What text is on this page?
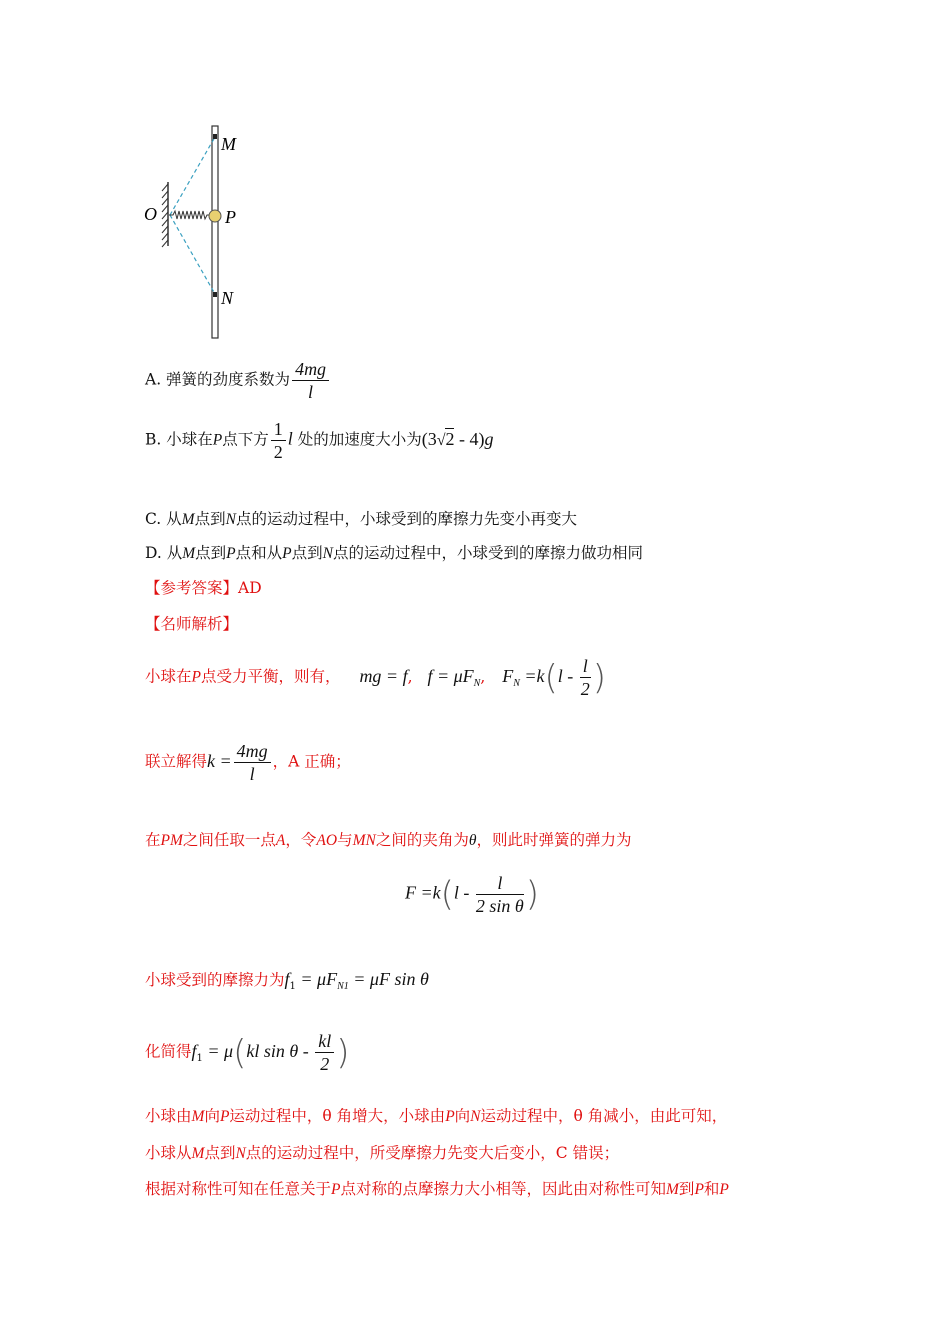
M
O	P
N
A. 弹簧的劲度系数为 $\frac{4mg}{l}$
B. 小球在P点下方 $\frac{1}{2}$ l 处的加速度大小为(3√2 - 4)g
C. 从M点到N点的运动过程中，小球受到的摩擦力先变小再变大
D. 从M点到P点和从P点到N点的运动过程中，小球受到的摩擦力做功相同
【参考答案】AD
【名师解析】
小球在P点受力平衡，则有， mg = f, $f = \mu F_N$, $F_N =k(l - \frac{l}{2}$ )
联立解得$k = \frac{4mg}{l}$ ，A 正确；
在PM之间任取一点A，令AO与MN之间的夹角为θ，则此时弹簧的弹力为
$F =k(l - \frac{l}{\text{2 sin θ}}$ )
小球受到的摩擦力为$f_1 = \mu F_{N1} = \mu F$ sin θ
化简得$f_1 = \mu(kl$ sin θ - $\frac{kl}{2}$ )
小球由M向P运动过程中，θ 角增大，小球由P向N运动过程中，θ 角减小，由此可知，
小球从M点到N点的运动过程中，所受摩擦力先变大后变小，C 错误；
根据对称性可知在任意关于P点对称的点摩擦力大小相等，因此由对称性可知M到P和P
